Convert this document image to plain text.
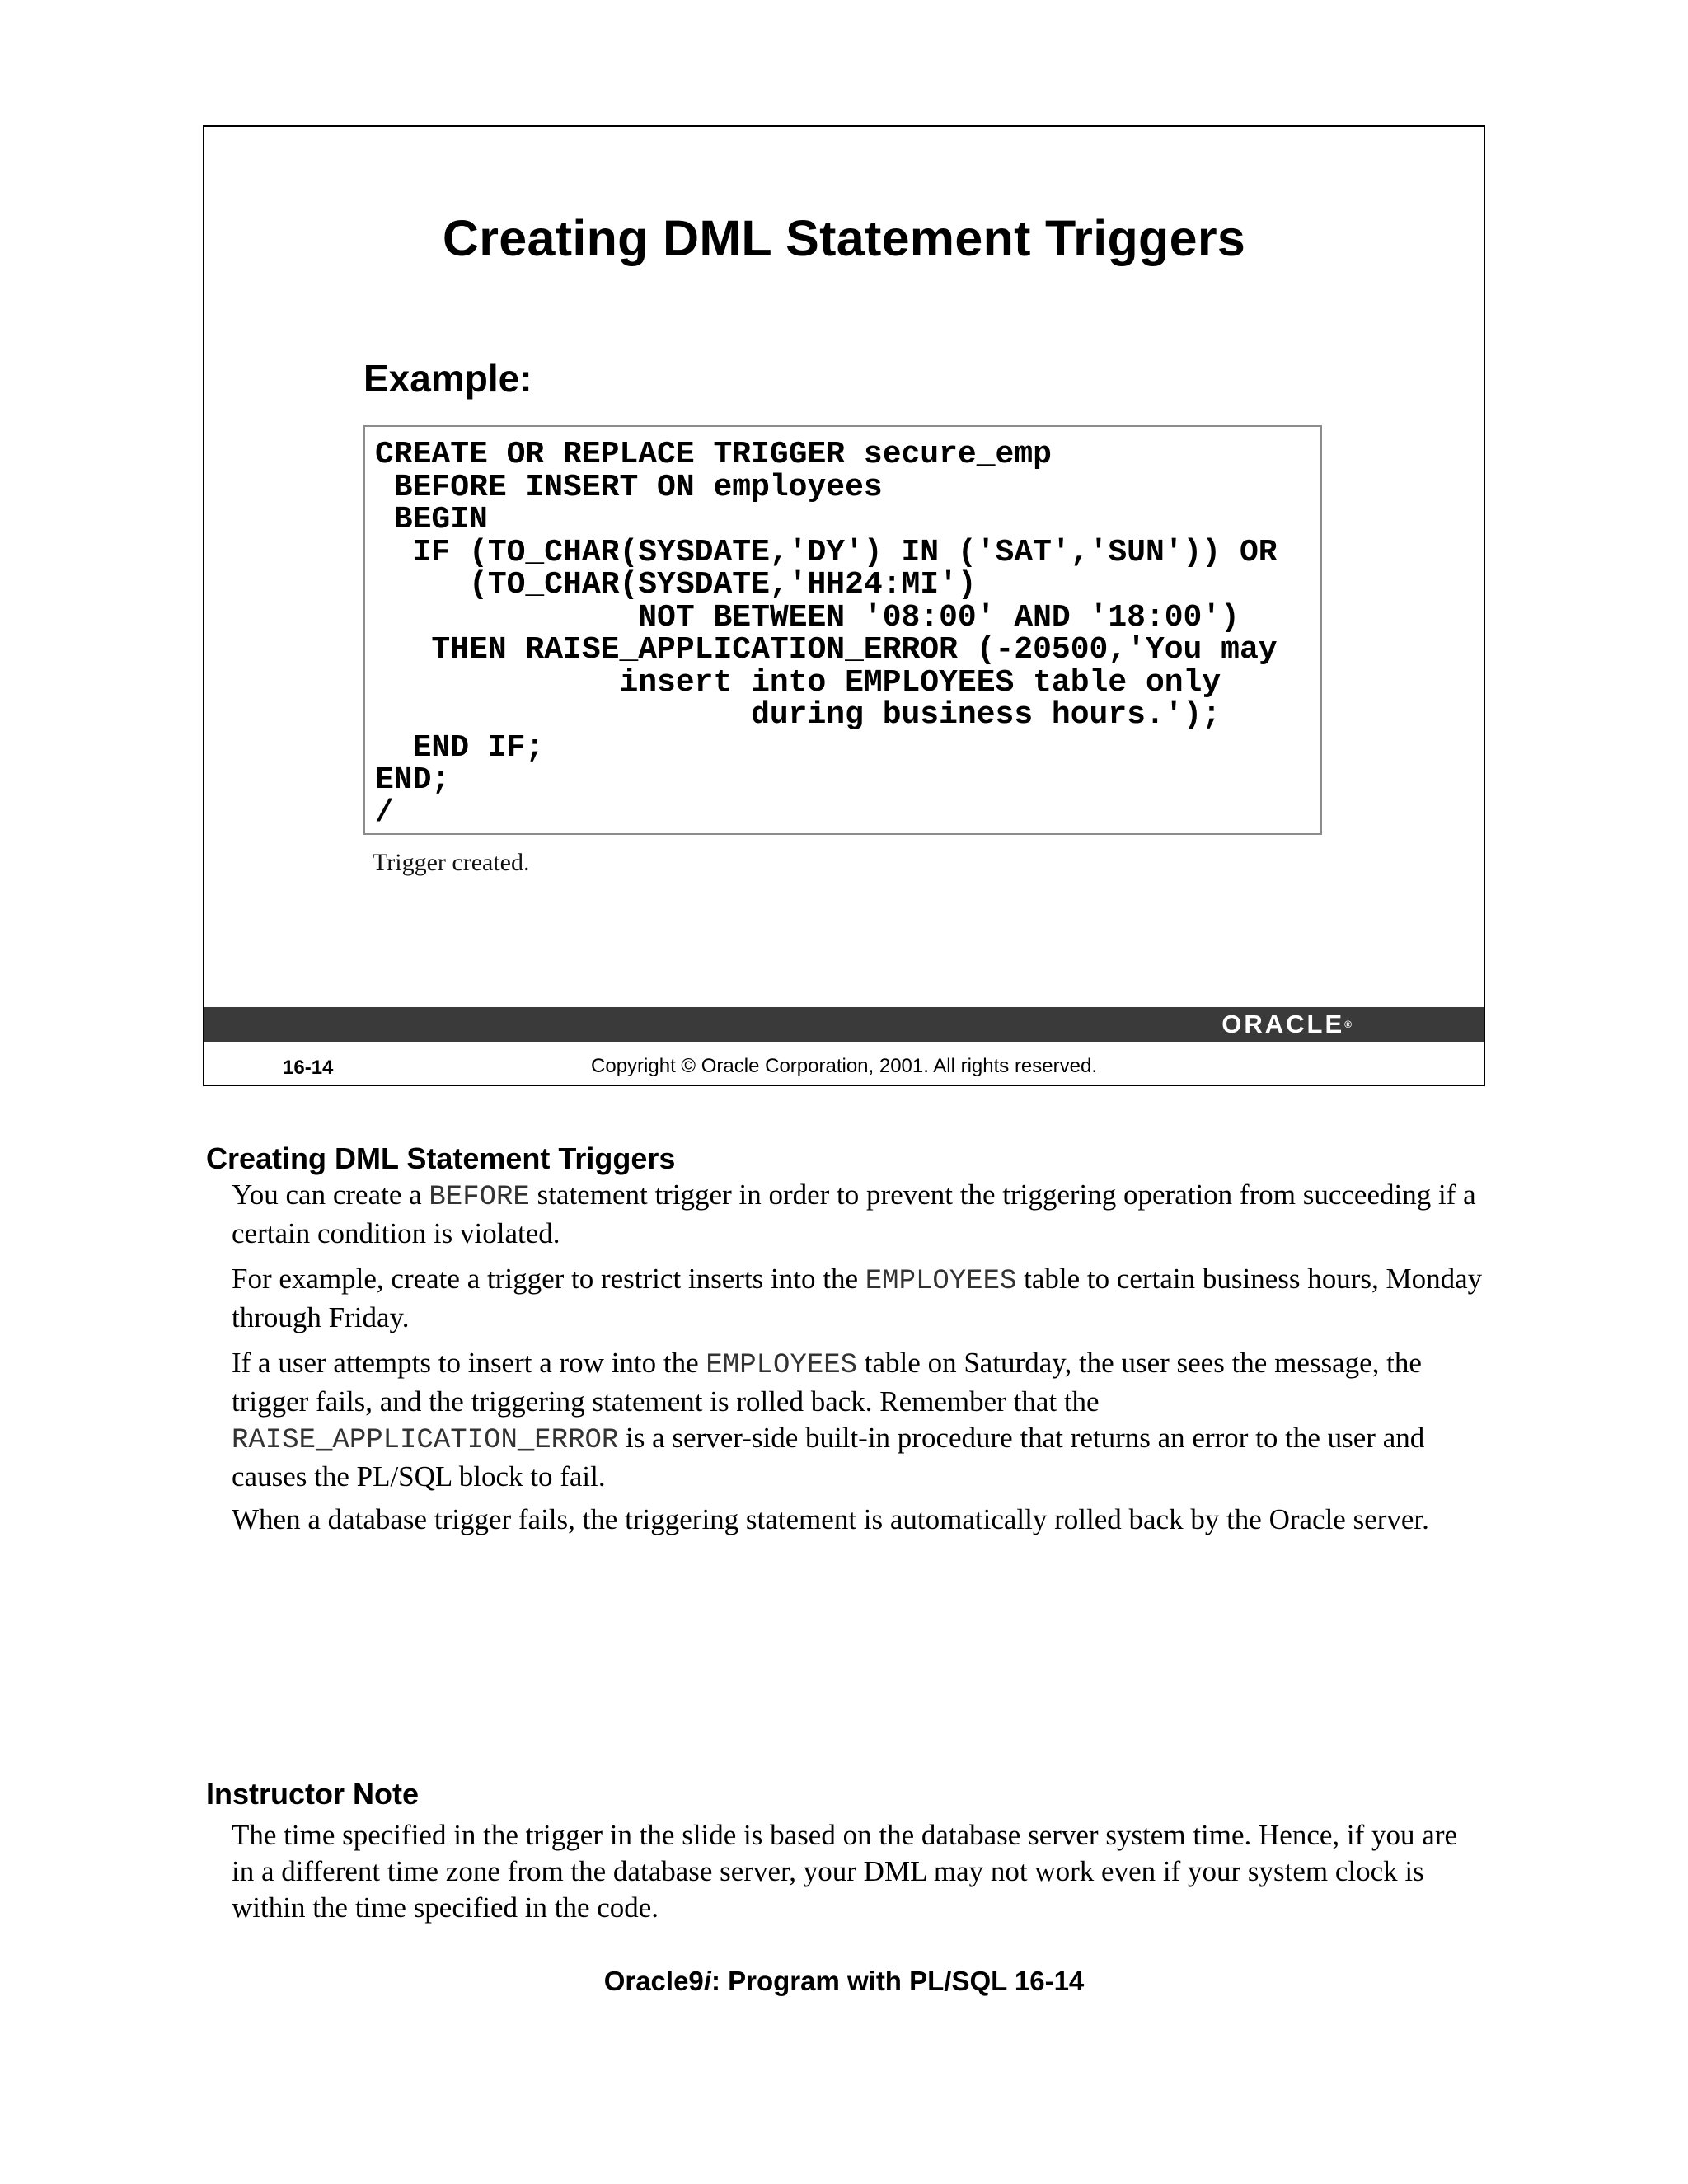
Creating DML Statement Triggers
Example:
CREATE OR REPLACE TRIGGER secure_emp
BEFORE INSERT ON employees
BEGIN
IF (TO_CHAR(SYSDATE,'DY') IN ('SAT','SUN')) OR
(TO_CHAR(SYSDATE,'HH24:MI')
NOT BETWEEN '08:00' AND '18:00')
THEN RAISE_APPLICATION_ERROR (-20500,'You may
insert into EMPLOYEES table only
during business hours.');
END IF;
END;
/
Trigger created.
ORACLE®
16-14	Copyright © Oracle Corporation, 2001. All rights reserved.
Creating DML Statement Triggers

You can create a BEFORE statement trigger in order to prevent the triggering operation from succeeding if a certain condition is violated.

For example, create a trigger to restrict inserts into the EMPLOYEES table to certain business hours, Monday through Friday.

If a user attempts to insert a row into the EMPLOYEES table on Saturday, the user sees the message, the trigger fails, and the triggering statement is rolled back. Remember that the RAISE_APPLICATION_ERROR is a server-side built-in procedure that returns an error to the user and causes the PL/SQL block to fail.

When a database trigger fails, the triggering statement is automatically rolled back by the Oracle server.

Instructor Note

The time specified in the trigger in the slide is based on the database server system time. Hence, if you are in a different time zone from the database server, your DML may not work even if your system clock is within the time specified in the code.

Oracle9i: Program with PL/SQL 16-14
